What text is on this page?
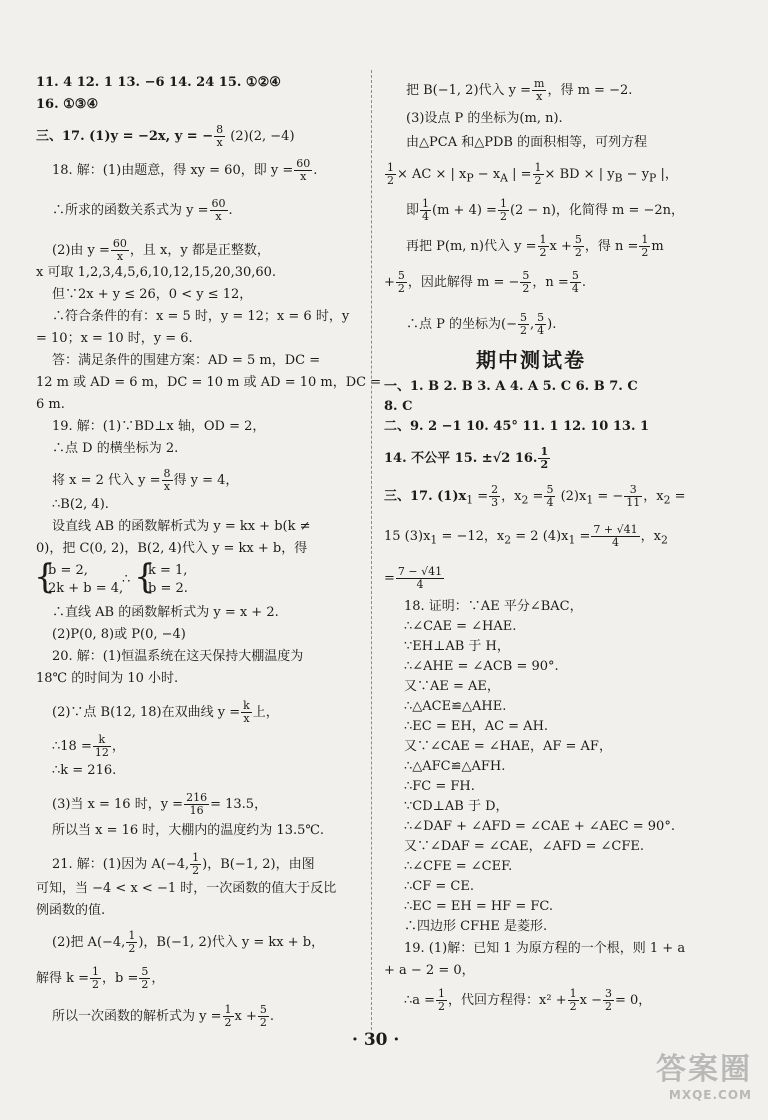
11. 4 12. 1 13. −6 14. 24 15. ①②④
16. ①③④
三、17. (1)y = −2x, y = − $\frac{8}{x} (2)(2$, −4)
18. 解：(1)由题意，得 xy = 60，即 $y = \frac{60}{x}$ .
∴所求的函数关系式为 $y = \frac{60}{x}$ .
(2)由 $y = \frac{60}{x}$ ，且 x，y 都是正整数，
x 可取 1,2,3,4,5,6,10,12,15,20,30,60.
但∵2x + y ≤ 26，0 < y ≤ 12，
∴符合条件的有：x = 5 时，y = 12；x = 6 时，y
= 10；x = 10 时，y = 6.
答：满足条件的围建方案：AD = 5 m，DC =
12 m 或 AD = 6 m，DC = 10 m 或 AD = 10 m，DC =
6 m.
19. 解：(1)∵BD⊥x 轴，OD = 2，
∴点 D 的横坐标为 2.
将 x = 2 代入 $y = \frac{8}{x}$ 得 y = 4，
∴B(2, 4).
设直线 AB 的函数解析式为 y = kx + b(k ≠
0)，把 C(0, 2)，B(2, 4)代入 y = kx + b，得
{
b = 2,
2k + b = 4,
∴ {
k = 1,
b = 2.
∴直线 AB 的函数解析式为 y = x + 2.
(2)P(0, 8)或 P(0, −4)
20. 解：(1)恒温系统在这天保持大棚温度为
18℃ 的时间为 10 小时.
(2)∵点 B(12, 18)在双曲线 $y = \frac{k}{x}$ 上，
∴18 = $\frac{k}{12}$ ，
∴k = 216.
(3)当 x = 16 时，$y = \frac{216}{16} = 13.5$，
所以当 x = 16 时，大棚内的温度约为 13.5℃.
21. 解：(1)因为 A(−4, $\frac{1}{2}$ )，B(−1, 2)，由图
可知，当 −4 < x < −1 时，一次函数的值大于反比
例函数的值.
(2)把 A(−4, $\frac{1}{2}$ )，B(−1, 2)代入 y = kx + b，
解得 $k = \frac{1}{2}$ ，$b = \frac{5}{2}$ ，
所以一次函数的解析式为 $y = \frac{1}{2}$ $x + \frac{5}{2}$ .
把 B(−1, 2)代入 $y = \frac{m}{x}$ ，得 m = −2.
(3)设点 P 的坐标为(m, n).
由△PCA 和△PDB 的面积相等，可列方程
$\frac{1}{2}$ × AC × | $x_P - x_A$ | = $\frac{1}{2}$ × BD × | $y_B - y_P$ |，
即 $\frac{1}{4} (m + 4) = \frac{1}{2} (2 - n)$，化简得 m = −2n，
再把 P(m, n)代入 $y = \frac{1}{2}$ $x + \frac{5}{2}$ ，得 $n = \frac{1}{2}$ m
+ $\frac{5}{2}$ ，因此解得 m = − $\frac{5}{2}$ ，$n = \frac{5}{4}$ .
∴点 P 的坐标为(− $\frac{5}{2}$ , $\frac{5}{4}$ ).
期中测试卷
一、1. B 2. B 3. A 4. A 5. C 6. B 7. C
8. C
二、9. 2 −1 10. 45° 11. 1 12. 10 13. 1
14. 不公平 15. ±√2 16. $\frac{1}{2}$
三、17. $(1)x_1 = \frac{2}{3}$ ，$x_2 = \frac{5}{4} (2)x_1$ = − $\frac{3}{11}$ ，$x_2$ =
15 $(3)x_1 = -12$，$x_2 = 2$ $(4)x_1 = \frac{7 + √41}{4}$ ，$x_2$
= $\frac{7 - √41}{4}$
18. 证明：∵AE 平分∠BAC，
∴∠CAE = ∠HAE.
∵EH⊥AB 于 H，
∴∠AHE = ∠ACB = 90°.
又∵AE = AE，
∴△ACE≌△AHE.
∴EC = EH，AC = AH.
又∵∠CAE = ∠HAE，AF = AF，
∴△AFC≌△AFH.
∴FC = FH.
∵CD⊥AB 于 D，
∴∠DAF + ∠AFD = ∠CAE + ∠AEC = 90°.
又∵∠DAF = ∠CAE，∠AFD = ∠CFE.
∴∠CFE = ∠CEF.
∴CF = CE.
∴EC = EH = HF = FC.
∴四边形 CFHE 是菱形.
19. (1)解：已知 1 为原方程的一个根，则 1 + a
+ a − 2 = 0，
∴a = $\frac{1}{2}$ ，代回方程得：$x^2 + \frac{1}{2}$ $x - \frac{3}{2} = 0$，
· 30 ·
答案圈
MXQE.COM
